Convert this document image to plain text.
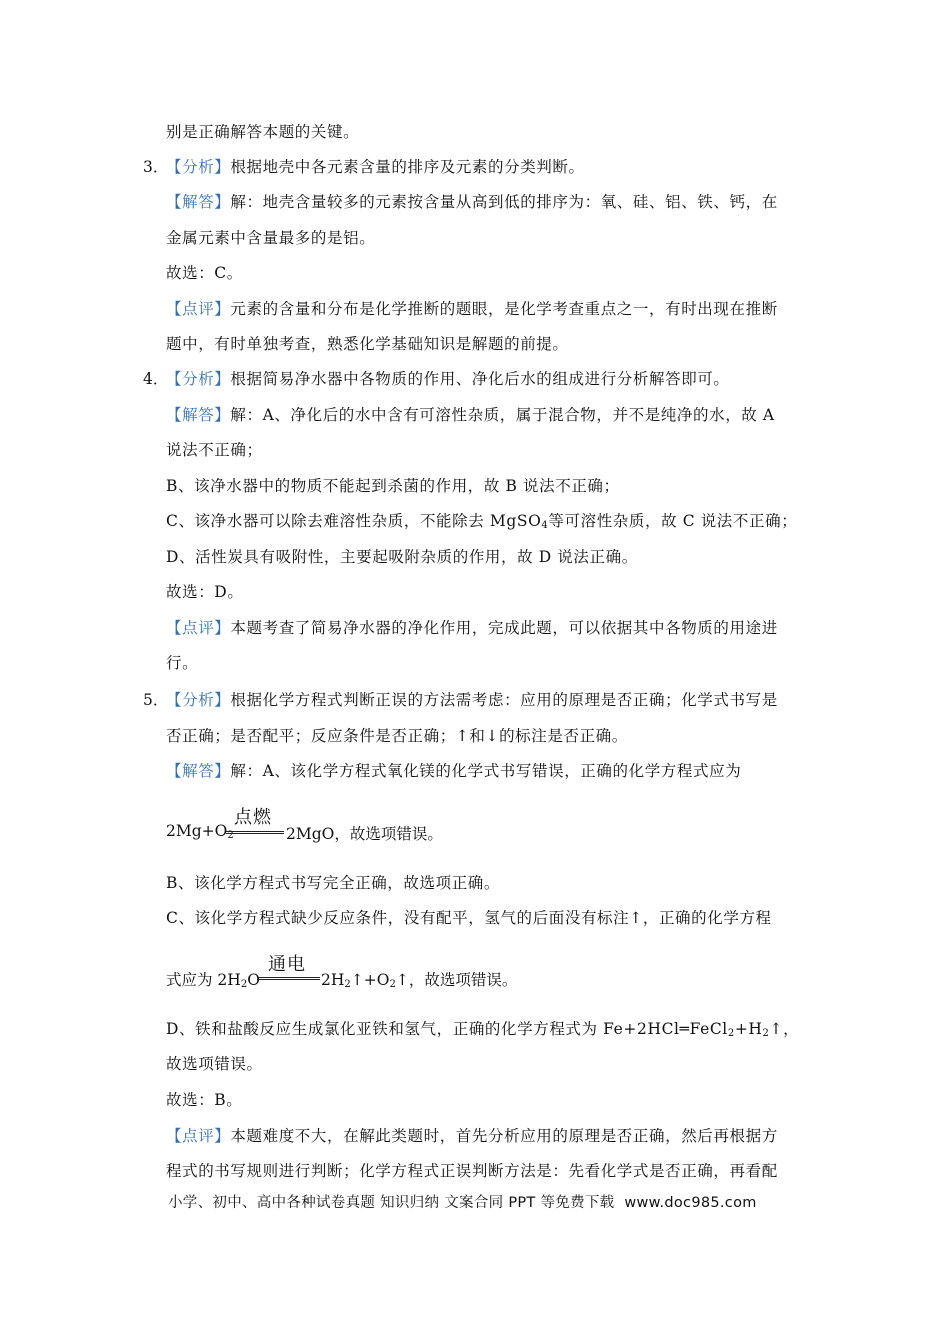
别是正确解答本题的关键。
3．
【分析】根据地壳中各元素含量的排序及元素的分类判断。
【解答】解：地壳含量较多的元素按含量从高到低的排序为：氧、硅、铝、铁、钙，在
金属元素中含量最多的是铝。
故选：C。
【点评】元素的含量和分布是化学推断的题眼，是化学考查重点之一，有时出现在推断
题中，有时单独考查，熟悉化学基础知识是解题的前提。
4．
【分析】根据简易净水器中各物质的作用、净化后水的组成进行分析解答即可。
【解答】解：A、净化后的水中含有可溶性杂质，属于混合物，并不是纯净的水，故 A
说法不正确；
B、该净水器中的物质不能起到杀菌的作用，故 B 说法不正确；
C、该净水器可以除去难溶性杂质，不能除去 MgSO$_4$等可溶性杂质，故 C 说法不正确；
D、活性炭具有吸附性，主要起吸附杂质的作用，故 D 说法正确。
故选：D。
【点评】本题考查了简易净水器的净化作用，完成此题，可以依据其中各物质的用途进
行。
5．
【分析】根据化学方程式判断正误的方法需考虑：应用的原理是否正确；化学式书写是
否正确；是否配平；反应条件是否正确；↑和↓的标注是否正确。
【解答】解：A、该化学方程式氧化镁的化学式书写错误，正确的化学方程式应为
$2Mg+O_2$
点燃
2MgO，故选项错误。
B、该化学方程式书写完全正确，故选项正确。
C、该化学方程式缺少反应条件，没有配平，氢气的后面没有标注↑，正确的化学方程
式应为 $2H_2O$
通电
$2H_2↑+O_2↑$，故选项错误。
D、铁和盐酸反应生成氯化亚铁和氢气，正确的化学方程式为 $Fe+2HCl═FeCl_2+H_2↑$，
故选项错误。
故选：B。
【点评】本题难度不大，在解此类题时，首先分析应用的原理是否正确，然后再根据方
程式的书写规则进行判断；化学方程式正误判断方法是：先看化学式是否正确，再看配
小学、初中、高中各种试卷真题 知识归纳 文案合同 PPT 等免费下载 www.doc985.com
